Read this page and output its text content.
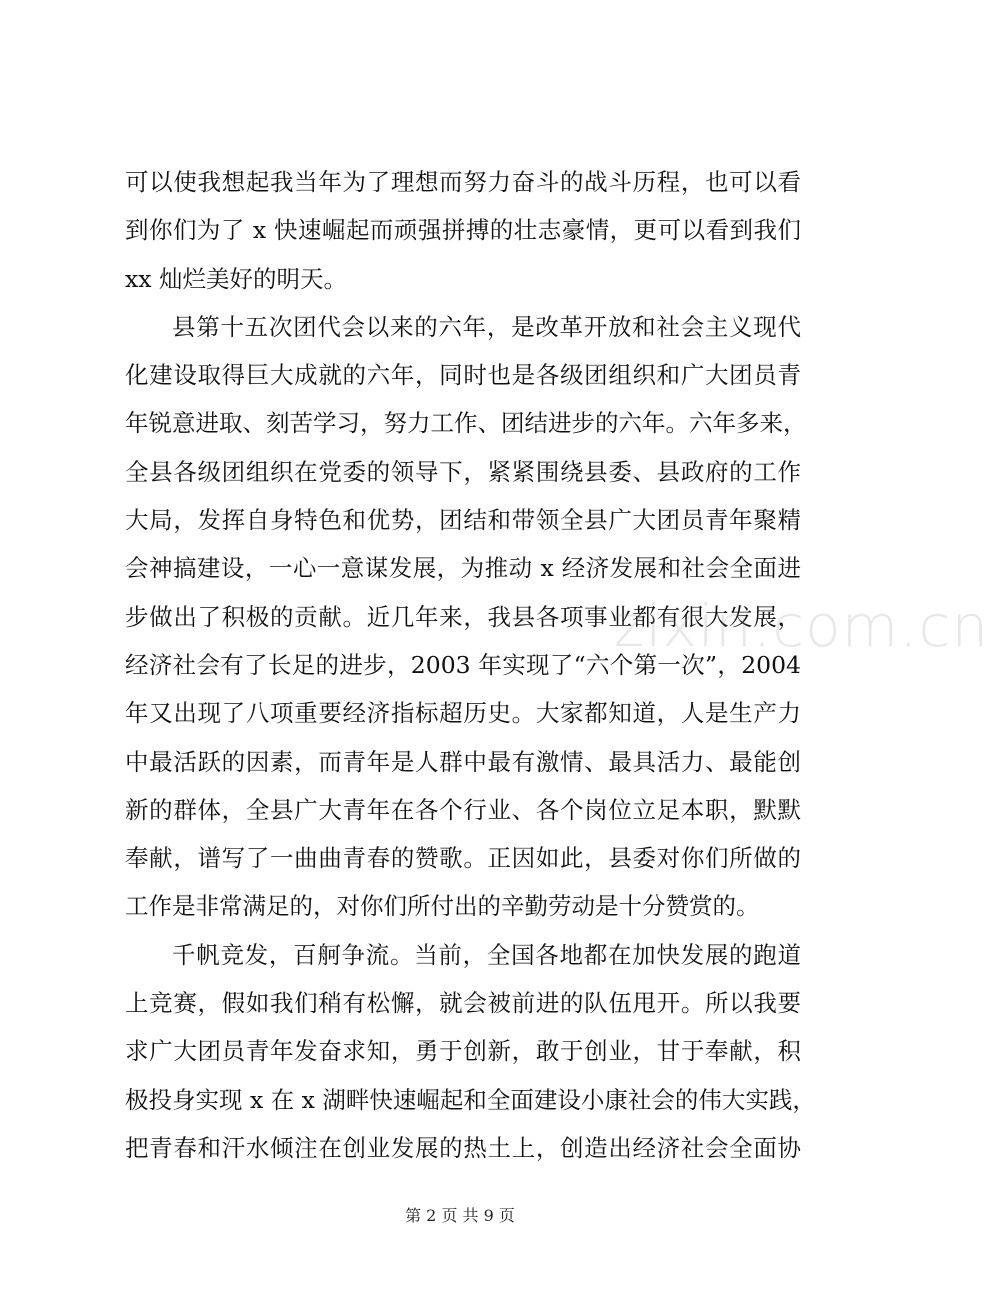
可以使我想起我当年为了理想而努力奋斗的战斗历程，也可以看
到你们为了 x 快速崛起而顽强拼搏的壮志豪情，更可以看到我们
xx 灿烂美好的明天。
县第十五次团代会以来的六年，是改革开放和社会主义现代
化建设取得巨大成就的六年，同时也是各级团组织和广大团员青
年锐意进取、刻苦学习，努力工作、团结进步的六年。六年多来，
全县各级团组织在党委的领导下，紧紧围绕县委、县政府的工作
大局，发挥自身特色和优势，团结和带领全县广大团员青年聚精
会神搞建设，一心一意谋发展，为推动 x 经济发展和社会全面进
步做出了积极的贡献。近几年来，我县各项事业都有很大发展，
经济社会有了长足的进步，2003 年实现了“六个第一次”，2004
年又出现了八项重要经济指标超历史。大家都知道，人是生产力
中最活跃的因素，而青年是人群中最有激情、最具活力、最能创
新的群体，全县广大青年在各个行业、各个岗位立足本职，默默
奉献，谱写了一曲曲青春的赞歌。正因如此，县委对你们所做的
工作是非常满足的，对你们所付出的辛勤劳动是十分赞赏的。
千帆竞发，百舸争流。当前，全国各地都在加快发展的跑道
上竞赛，假如我们稍有松懈，就会被前进的队伍甩开。所以我要
求广大团员青年发奋求知，勇于创新，敢于创业，甘于奉献，积
极投身实现 x 在 x 湖畔快速崛起和全面建设小康社会的伟大实践，
把青春和汗水倾注在创业发展的热土上，创造出经济社会全面协
zixin.com.cn
第 2 页 共 9 页
